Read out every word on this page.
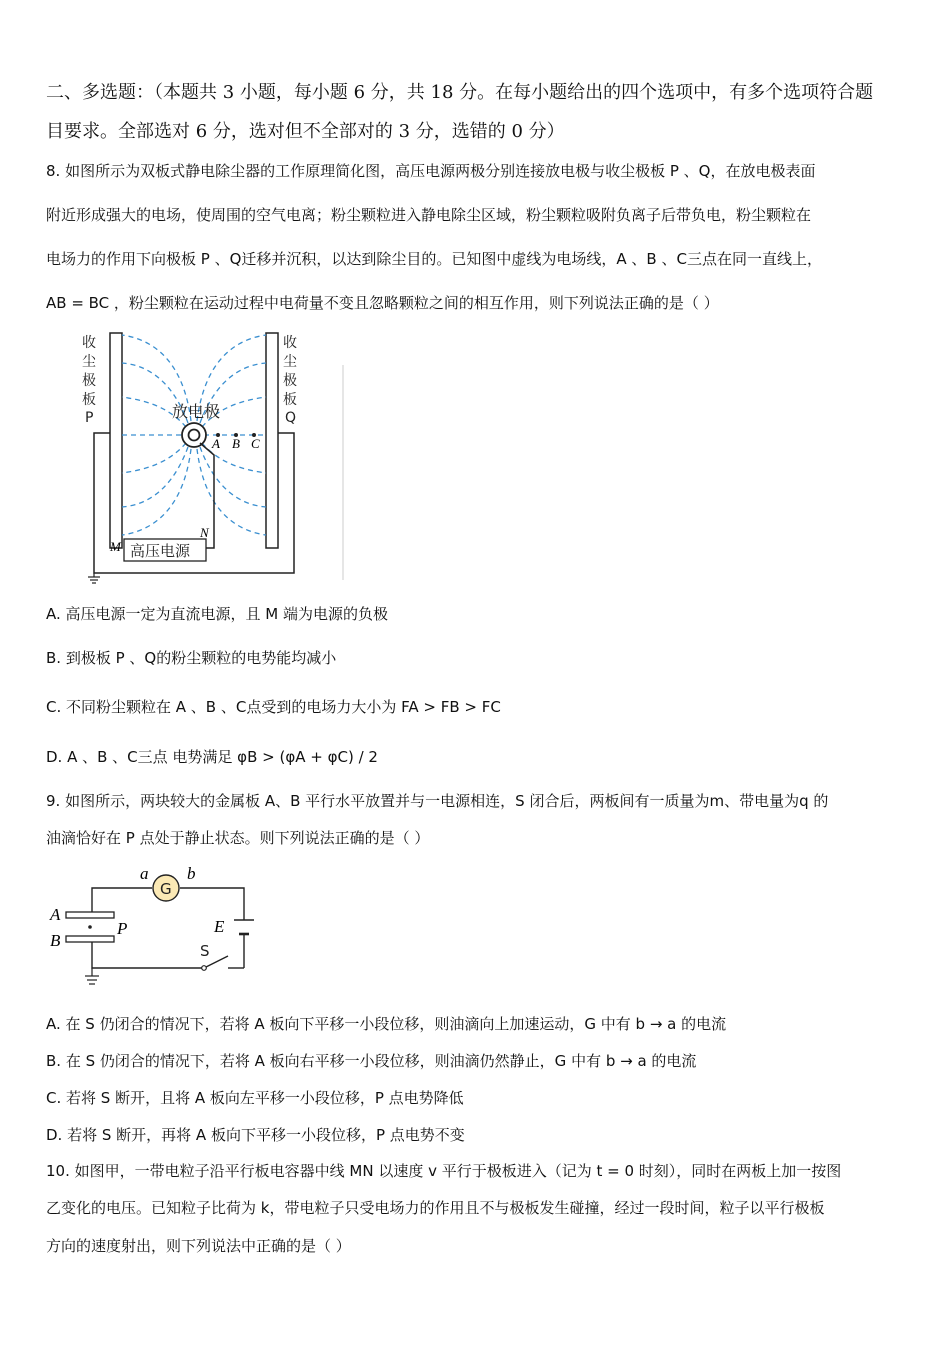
二、多选题：（本题共 3 小题，每小题 6 分，共 18 分。在每小题给出的四个选项中，有多个选项符合题
目要求。全部选对 6 分，选对但不全部对的 3 分，选错的 0 分）
8. 如图所示为双板式静电除尘器的工作原理简化图，高压电源两极分别连接放电极与收尘极板 P 、Q，在放电极表面
附近形成强大的电场，使周围的空气电离；粉尘颗粒进入静电除尘区域，粉尘颗粒吸附负离子后带负电，粉尘颗粒在
电场力的作用下向极板 P 、Q迁移并沉积，以达到除尘目的。已知图中虚线为电场线，A 、B 、C三点在同一直线上，
AB = BC ，粉尘颗粒在运动过程中电荷量不变且忽略颗粒之间的相互作用，则下列说法正确的是（ ）
A B C
放电极
收
尘
极
板
P
收
尘
极
板
Q
高压电源
M
N
A. 高压电源一定为直流电源，且 M 端为电源的负极
B. 到极板 P 、Q的粉尘颗粒的电势能均减小
C. 不同粉尘颗粒在 A 、B 、C点受到的电场力大小为 FA > FB > FC
D. A 、B 、C三点 电势满足 φB > (φA + φC) / 2
9. 如图所示，两块较大的金属板 A、B 平行水平放置并与一电源相连，S 闭合后，两板间有一质量为m、带电量为q 的
油滴恰好在 P 点处于静止状态。则下列说法正确的是（ ）
G
a b
A
B
P
S
E
A. 在 S 仍闭合的情况下，若将 A 板向下平移一小段位移，则油滴向上加速运动，G 中有 b → a 的电流
B. 在 S 仍闭合的情况下，若将 A 板向右平移一小段位移，则油滴仍然静止，G 中有 b → a 的电流
C. 若将 S 断开，且将 A 板向左平移一小段位移，P 点电势降低
D. 若将 S 断开，再将 A 板向下平移一小段位移，P 点电势不变
10. 如图甲，一带电粒子沿平行板电容器中线 MN 以速度 v 平行于极板进入（记为 t = 0 时刻），同时在两板上加一按图
乙变化的电压。已知粒子比荷为 k，带电粒子只受电场力的作用且不与极板发生碰撞，经过一段时间，粒子以平行极板
方向的速度射出，则下列说法中正确的是（ ）
